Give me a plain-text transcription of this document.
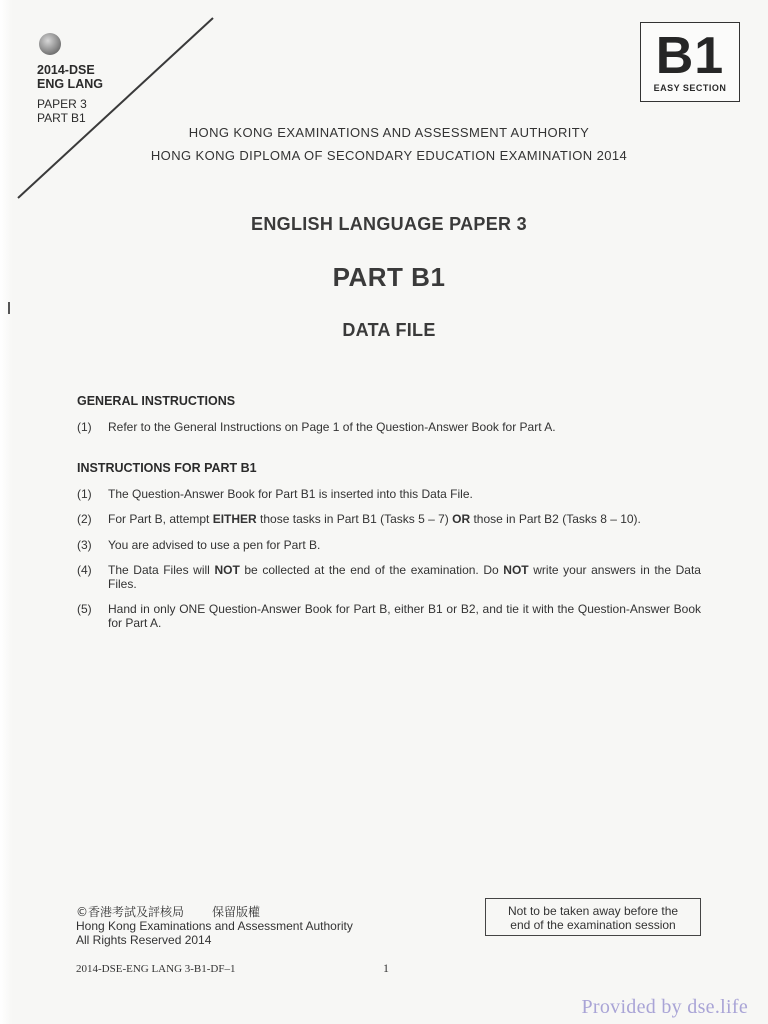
2014-DSE
ENG LANG
PAPER 3
PART B1
B1
EASY SECTION
HONG KONG EXAMINATIONS AND ASSESSMENT AUTHORITY
HONG KONG DIPLOMA OF SECONDARY EDUCATION EXAMINATION 2014
ENGLISH LANGUAGE PAPER 3
PART B1
DATA FILE
GENERAL INSTRUCTIONS
(1)	Refer to the General Instructions on Page 1 of the Question-Answer Book for Part A.
INSTRUCTIONS FOR PART B1
(1)	The Question-Answer Book for Part B1 is inserted into this Data File.
(2)	For Part B, attempt EITHER those tasks in Part B1 (Tasks 5 – 7) OR those in Part B2 (Tasks 8 – 10).
(3)	You are advised to use a pen for Part B.
(4)	The Data Files will NOT be collected at the end of the examination. Do NOT write your answers in the Data Files.
(5)	Hand in only ONE Question-Answer Book for Part B, either B1 or B2, and tie it with the Question-Answer Book for Part A.
©香港考試及評核局 保留版權
Hong Kong Examinations and Assessment Authority
All Rights Reserved 2014
Not to be taken away before the
end of the examination session
2014-DSE-ENG LANG 3-B1-DF–1	1
Provided by dse.life
